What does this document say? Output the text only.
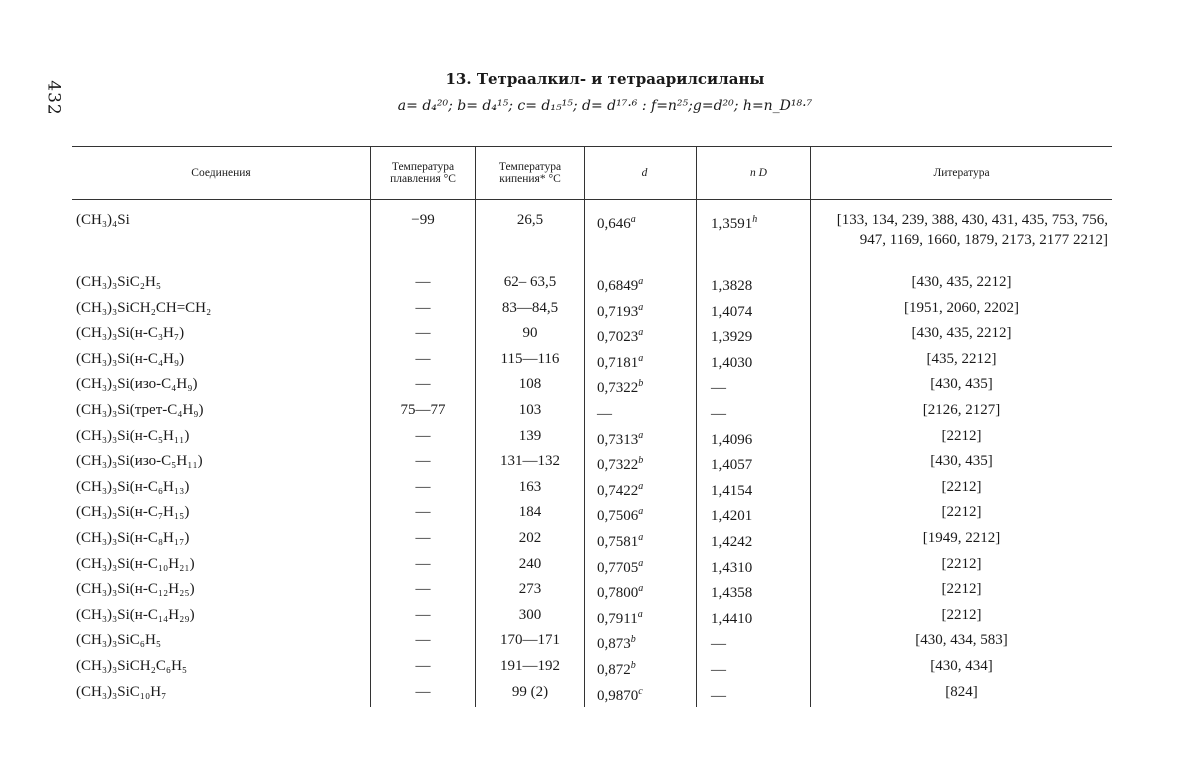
432
13. Тетраалкил- и тетраарилсиланы
a= d₄²⁰; b= d₄¹⁵; c= d₁₅¹⁵; d= d¹⁷·⁶ : f=n²⁵;g=d²⁰; h=n_D¹⁸·⁷
Соединения	Температура плавления °C	Температура кипения* °C	d	n D	Литература
(CH₃)₄Si	−99	26,5	0,646$^a$	1,3591$^h$	[133, 134, 239, 388, 430, 431, 435, 753, 756, 947, 1169, 1660, 1879, 2173, 2177 2212]
(CH₃)₃SiC₂H₅	—	62– 63,5	0,6849$^a$	1,3828	[430, 435, 2212]
(CH₃)₃SiCH₂CH=CH₂	—	83—84,5	0,7193$^a$	1,4074	[1951, 2060, 2202]
(CH₃)₃Si(н-C₃H₇)	—	90	0,7023$^a$	1,3929	[430, 435, 2212]
(CH₃)₃Si(н-C₄H₉)	—	115—116	0,7181$^a$	1,4030	[435, 2212]
(CH₃)₃Si(изо-C₄H₉)	—	108	0,7322$^b$	—	[430, 435]
(CH₃)₃Si(трет-C₄H₉)	75—77	103	—	—	[2126, 2127]
(CH₃)₃Si(н-C₅H₁₁)	—	139	0,7313$^a$	1,4096	[2212]
(CH₃)₃Si(изо-C₅H₁₁)	—	131—132	0,7322$^b$	1,4057	[430, 435]
(CH₃)₃Si(н-C₆H₁₃)	—	163	0,7422$^a$	1,4154	[2212]
(CH₃)₃Si(н-C₇H₁₅)	—	184	0,7506$^a$	1,4201	[2212]
(CH₃)₃Si(н-C₈H₁₇)	—	202	0,7581$^a$	1,4242	[1949, 2212]
(CH₃)₃Si(н-C₁₀H₂₁)	—	240	0,7705$^a$	1,4310	[2212]
(CH₃)₃Si(н-C₁₂H₂₅)	—	273	0,7800$^a$	1,4358	[2212]
(CH₃)₃Si(н-C₁₄H₂₉)	—	300	0,7911$^a$	1,4410	[2212]
(CH₃)₃SiC₆H₅	—	170—171	0,873$^b$	—	[430, 434, 583]
(CH₃)₃SiCH₂C₆H₅	—	191—192	0,872$^b$	—	[430, 434]
(CH₃)₃SiC₁₀H₇	—	99 (2)	0,9870$^c$	—	[824]
